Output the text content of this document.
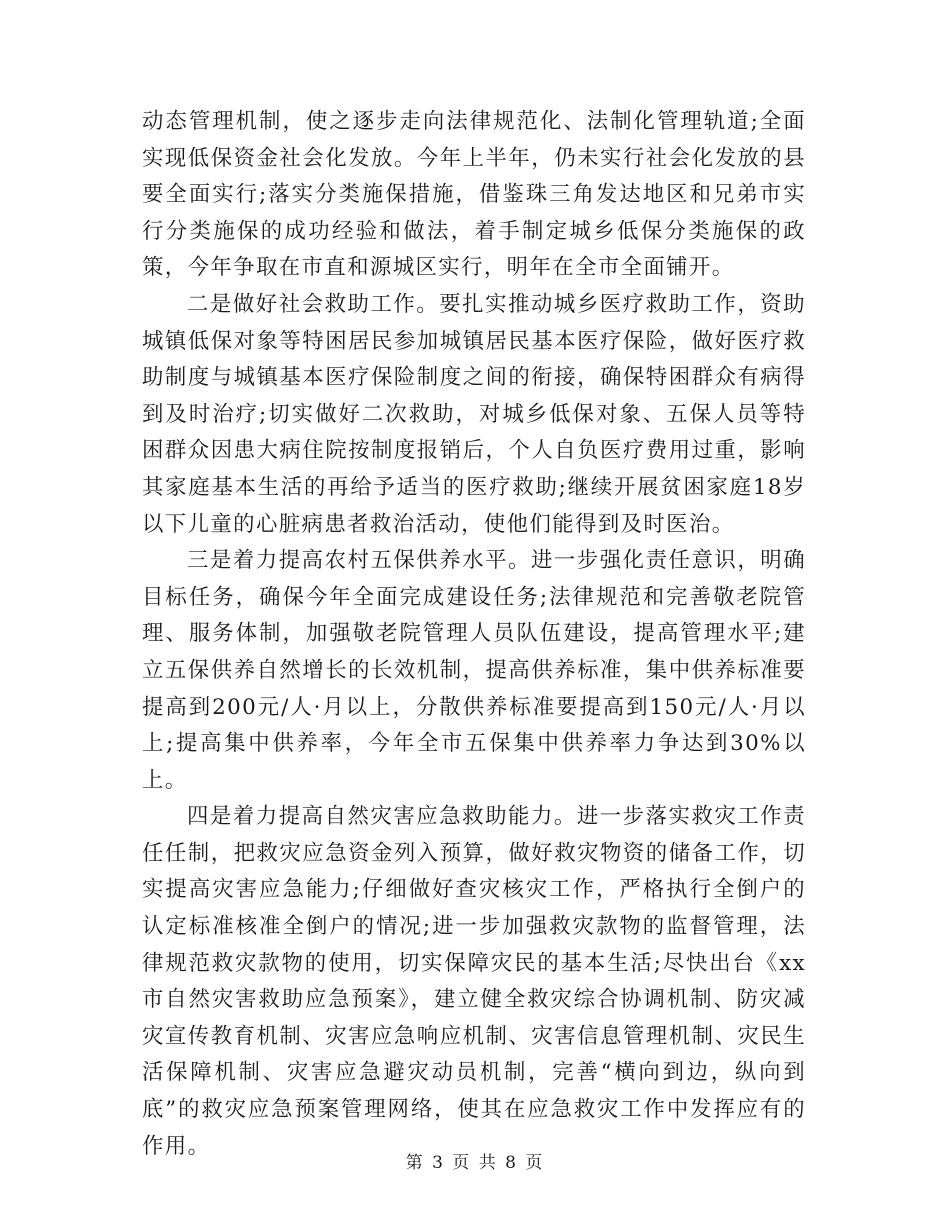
动态管理机制，使之逐步走向法律规范化、法制化管理轨道;全面实现低保资金社会化发放。今年上半年，仍未实行社会化发放的县要全面实行;落实分类施保措施，借鉴珠三角发达地区和兄弟市实行分类施保的成功经验和做法，着手制定城乡低保分类施保的政策，今年争取在市直和源城区实行，明年在全市全面铺开。

二是做好社会救助工作。要扎实推动城乡医疗救助工作，资助城镇低保对象等特困居民参加城镇居民基本医疗保险，做好医疗救助制度与城镇基本医疗保险制度之间的衔接，确保特困群众有病得到及时治疗;切实做好二次救助，对城乡低保对象、五保人员等特困群众因患大病住院按制度报销后，个人自负医疗费用过重，影响其家庭基本生活的再给予适当的医疗救助;继续开展贫困家庭18岁以下儿童的心脏病患者救治活动，使他们能得到及时医治。

三是着力提高农村五保供养水平。进一步强化责任意识，明确目标任务，确保今年全面完成建设任务;法律规范和完善敬老院管理、服务体制，加强敬老院管理人员队伍建设，提高管理水平;建立五保供养自然增长的长效机制，提高供养标准，集中供养标准要提高到200元/人·月以上，分散供养标准要提高到150元/人·月以上;提高集中供养率，今年全市五保集中供养率力争达到30%以上。

四是着力提高自然灾害应急救助能力。进一步落实救灾工作责任任制，把救灾应急资金列入预算，做好救灾物资的储备工作，切实提高灾害应急能力;仔细做好查灾核灾工作，严格执行全倒户的认定标准核准全倒户的情况;进一步加强救灾款物的监督管理，法律规范救灾款物的使用，切实保障灾民的基本生活;尽快出台《xx市自然灾害救助应急预案》，建立健全救灾综合协调机制、防灾减灾宣传教育机制、灾害应急响应机制、灾害信息管理机制、灾民生活保障机制、灾害应急避灾动员机制，完善“横向到边，纵向到底”的救灾应急预案管理网络，使其在应急救灾工作中发挥应有的作用。

第 3 页 共 8 页
